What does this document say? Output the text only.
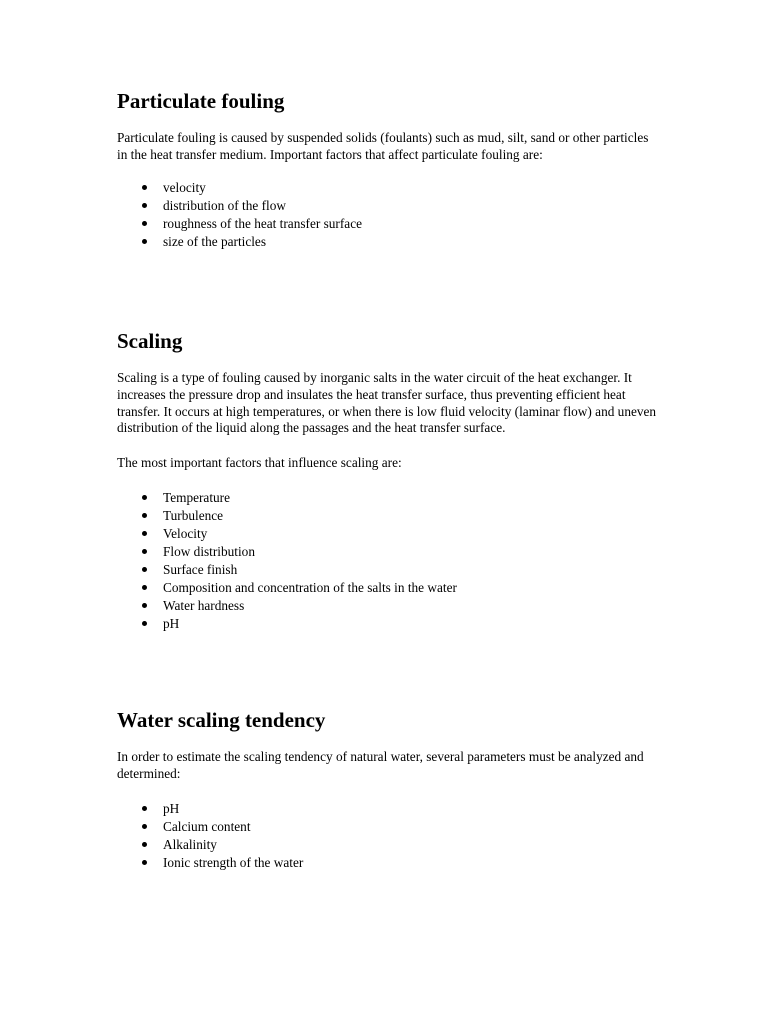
Particulate fouling

Particulate fouling is caused by suspended solids (foulants) such as mud, silt, sand or other particles in the heat transfer medium. Important factors that affect particulate fouling are:

velocity
distribution of the flow
roughness of the heat transfer surface
size of the particles
Scaling

Scaling is a type of fouling caused by inorganic salts in the water circuit of the heat exchanger. It increases the pressure drop and insulates the heat transfer surface, thus preventing efficient heat transfer. It occurs at high temperatures, or when there is low fluid velocity (laminar flow) and uneven distribution of the liquid along the passages and the heat transfer surface.

The most important factors that influence scaling are:

Temperature
Turbulence
Velocity
Flow distribution
Surface finish
Composition and concentration of the salts in the water
Water hardness
pH
Water scaling tendency

In order to estimate the scaling tendency of natural water, several parameters must be analyzed and determined:

pH
Calcium content
Alkalinity
Ionic strength of the water
